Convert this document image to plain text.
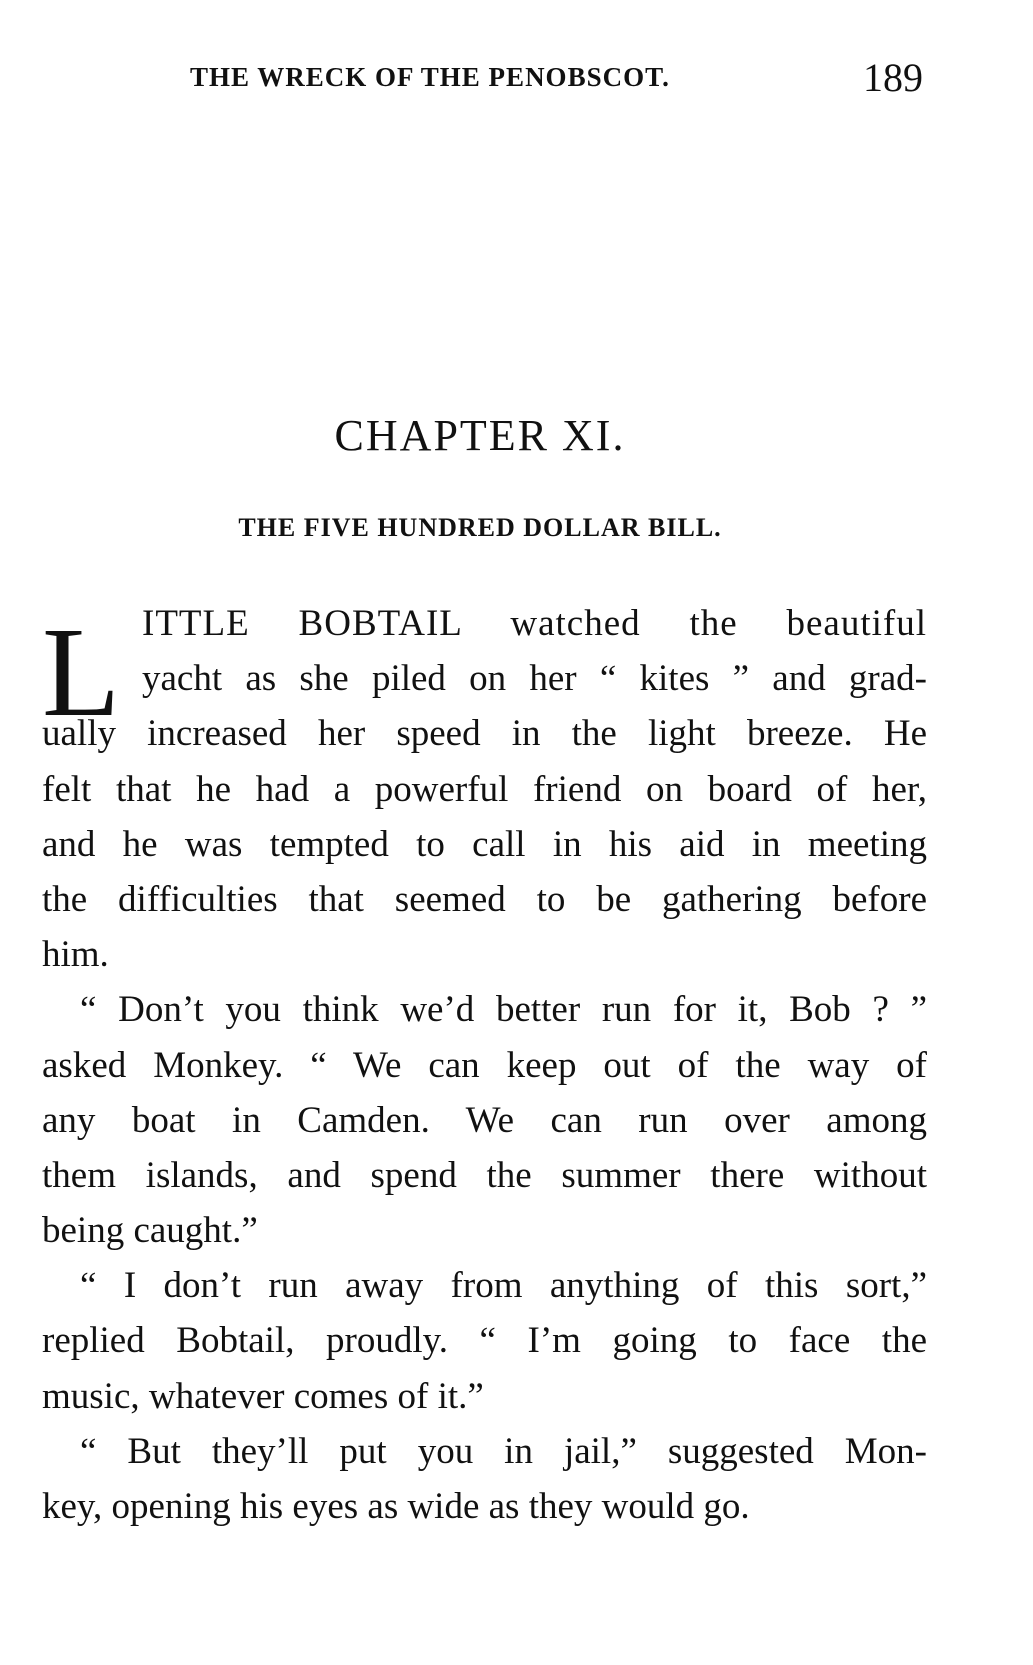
THE WRECK OF THE PENOBSCOT.	189
CHAPTER XI.
THE FIVE HUNDRED DOLLAR BILL.
L ITTLE BOBTAIL watched the beautiful
yacht as she piled on her “ kites ” and grad-
ually increased her speed in the light breeze. He
felt that he had a powerful friend on board of her,
and he was tempted to call in his aid in meeting
the difficulties that seemed to be gathering before
him.
“ Don’t you think we’d better run for it, Bob ? ”
asked Monkey. “ We can keep out of the way of
any boat in Camden. We can run over among
them islands, and spend the summer there without
being caught.”
“ I don’t run away from anything of this sort,”
replied Bobtail, proudly. “ I’m going to face the
music, whatever comes of it.”
“ But they’ll put you in jail,” suggested Mon-
key, opening his eyes as wide as they would go.
